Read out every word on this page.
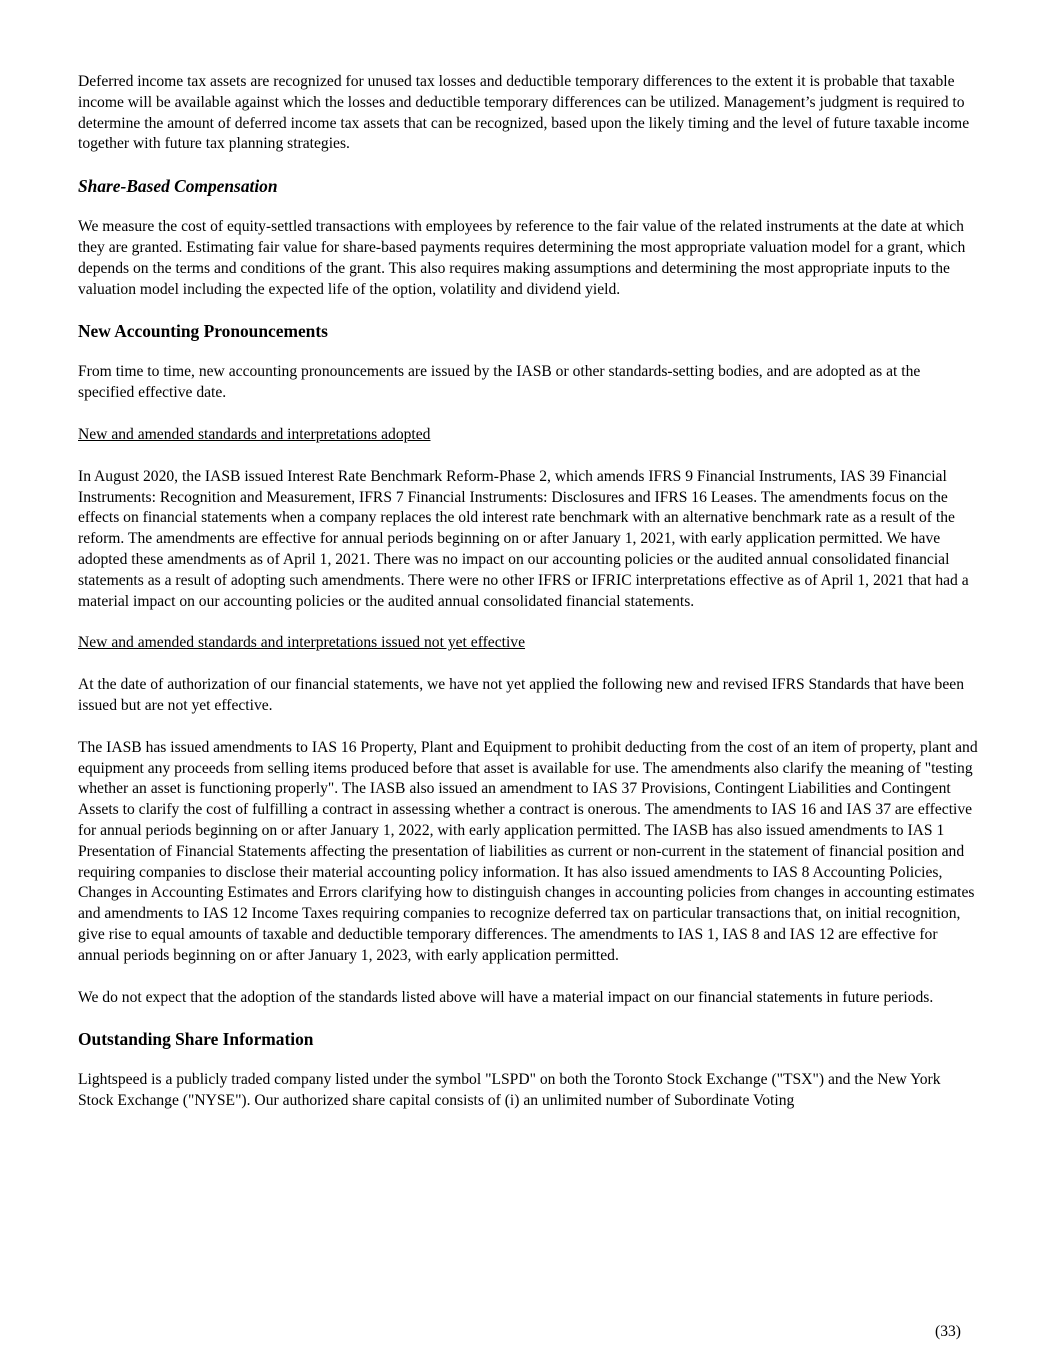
Deferred income tax assets are recognized for unused tax losses and deductible temporary differences to the extent it is probable that taxable income will be available against which the losses and deductible temporary differences can be utilized. Management’s judgment is required to determine the amount of deferred income tax assets that can be recognized, based upon the likely timing and the level of future taxable income together with future tax planning strategies.

Share-Based Compensation

We measure the cost of equity-settled transactions with employees by reference to the fair value of the related instruments at the date at which they are granted. Estimating fair value for share-based payments requires determining the most appropriate valuation model for a grant, which depends on the terms and conditions of the grant. This also requires making assumptions and determining the most appropriate inputs to the valuation model including the expected life of the option, volatility and dividend yield.

New Accounting Pronouncements

From time to time, new accounting pronouncements are issued by the IASB or other standards-setting bodies, and are adopted as at the specified effective date.

New and amended standards and interpretations adopted

In August 2020, the IASB issued Interest Rate Benchmark Reform-Phase 2, which amends IFRS 9 Financial Instruments, IAS 39 Financial Instruments: Recognition and Measurement, IFRS 7 Financial Instruments: Disclosures and IFRS 16 Leases. The amendments focus on the effects on financial statements when a company replaces the old interest rate benchmark with an alternative benchmark rate as a result of the reform. The amendments are effective for annual periods beginning on or after January 1, 2021, with early application permitted. We have adopted these amendments as of April 1, 2021. There was no impact on our accounting policies or the audited annual consolidated financial statements as a result of adopting such amendments. There were no other IFRS or IFRIC interpretations effective as of April 1, 2021 that had a material impact on our accounting policies or the audited annual consolidated financial statements.

New and amended standards and interpretations issued not yet effective

At the date of authorization of our financial statements, we have not yet applied the following new and revised IFRS Standards that have been issued but are not yet effective.

The IASB has issued amendments to IAS 16 Property, Plant and Equipment to prohibit deducting from the cost of an item of property, plant and equipment any proceeds from selling items produced before that asset is available for use. The amendments also clarify the meaning of "testing whether an asset is functioning properly". The IASB also issued an amendment to IAS 37 Provisions, Contingent Liabilities and Contingent Assets to clarify the cost of fulfilling a contract in assessing whether a contract is onerous. The amendments to IAS 16 and IAS 37 are effective for annual periods beginning on or after January 1, 2022, with early application permitted. The IASB has also issued amendments to IAS 1 Presentation of Financial Statements affecting the presentation of liabilities as current or non-current in the statement of financial position and requiring companies to disclose their material accounting policy information. It has also issued amendments to IAS 8 Accounting Policies, Changes in Accounting Estimates and Errors clarifying how to distinguish changes in accounting policies from changes in accounting estimates and amendments to IAS 12 Income Taxes requiring companies to recognize deferred tax on particular transactions that, on initial recognition, give rise to equal amounts of taxable and deductible temporary differences. The amendments to IAS 1, IAS 8 and IAS 12 are effective for annual periods beginning on or after January 1, 2023, with early application permitted.

We do not expect that the adoption of the standards listed above will have a material impact on our financial statements in future periods.

Outstanding Share Information

Lightspeed is a publicly traded company listed under the symbol "LSPD" on both the Toronto Stock Exchange ("TSX") and the New York Stock Exchange ("NYSE"). Our authorized share capital consists of (i) an unlimited number of Subordinate Voting

(33)
